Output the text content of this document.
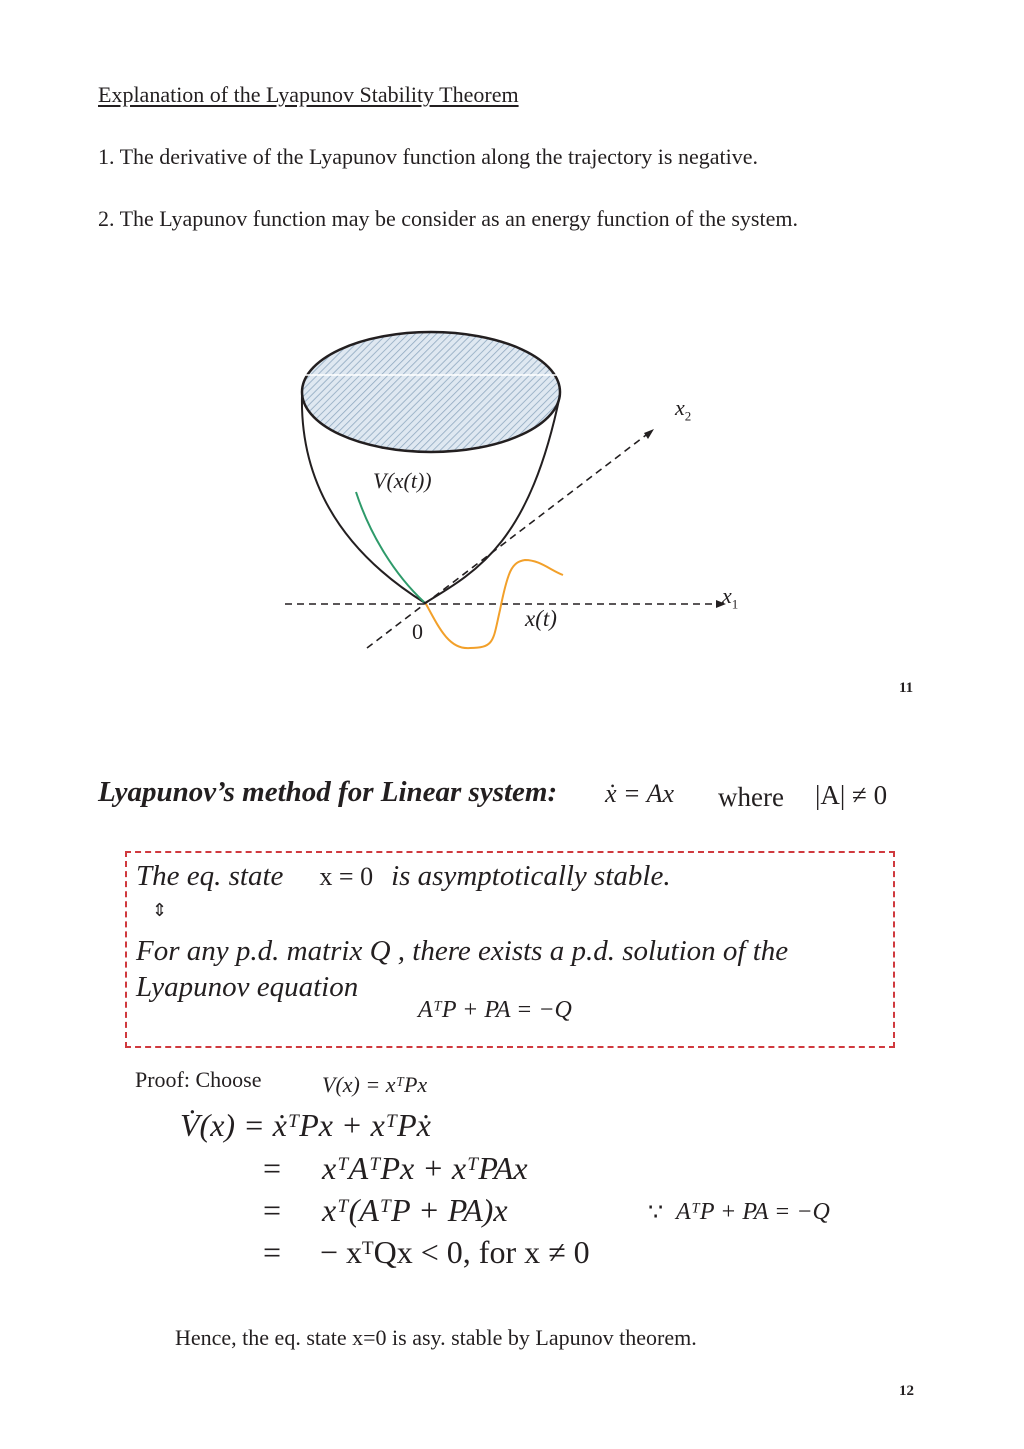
Explanation of the Lyapunov Stability Theorem
1. The derivative of the Lyapunov function along the trajectory is negative.
2. The Lyapunov function may be consider as an energy function of the system.
V(x(t))
$x_2$
$x_1$
0
x(t)
11
Lyapunov’s method for Linear system: ẋ = Ax where |A| ≠ 0
The eq. state x = 0 is asymptotically stable.
⇕
For any p.d. matrix Q , there exists a p.d. solution of the
Lyapunov equation
AᵀP + PA = −Q
Proof: Choose	V(x) = xᵀPx
V̇(x) = ẋᵀPx + xᵀPẋ
= xᵀAᵀPx + xᵀPAx
= xᵀ(AᵀP + PA)x
= − xᵀQx < 0, for x ≠ 0
∵ AᵀP + PA = −Q
Hence, the eq. state x=0 is asy. stable by Lapunov theorem.
12
